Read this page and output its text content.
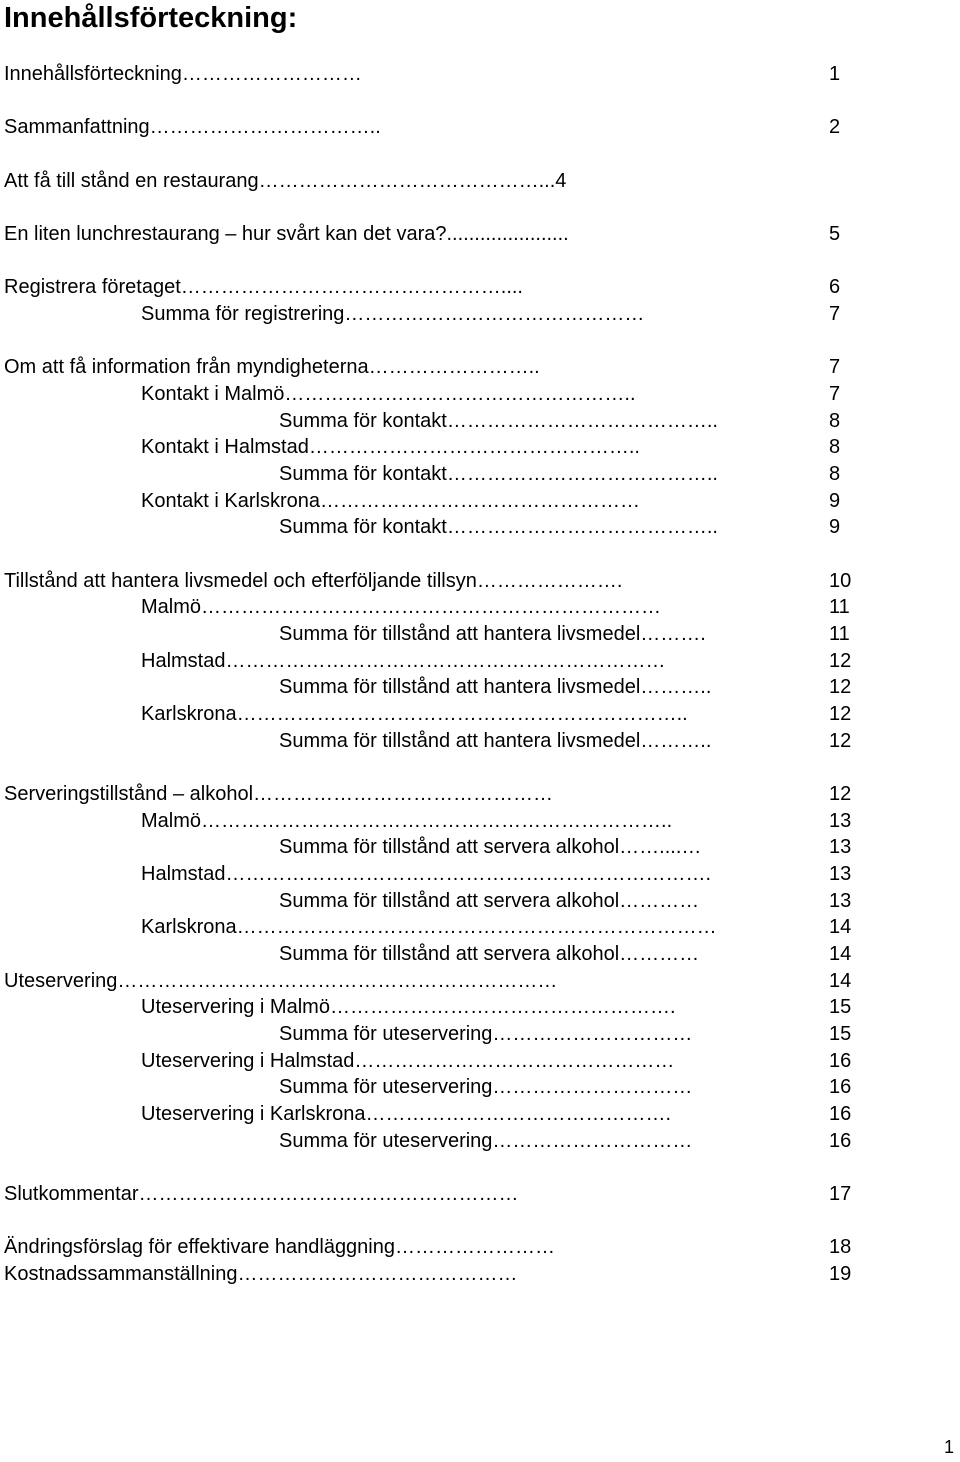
Innehållsförteckning:
Innehållsförteckning………………………	1
Sammanfattning……………………………..	2
Att få till stånd en restaurang……………………………………...4
En liten lunchrestaurang – hur svårt kan det vara?......................	5
Registrera företaget…………………………………………....	6
Summa för registrering………………………………………	7
Om att få information från myndigheterna……………………..	7
Kontakt i Malmö……………………………………………..	7
Summa för kontakt…………………………………..	8
Kontakt i Halmstad…………………………………………..	8
Summa för kontakt…………………………………..	8
Kontakt i Karlskrona…………………………………………	9
Summa för kontakt…………………………………..	9
Tillstånd att hantera livsmedel och efterföljande tillsyn………………….	10
Malmö……………………………………………………………	11
Summa för tillstånd att hantera livsmedel……….	11
Halmstad…………………………………………………………	12
Summa för tillstånd att hantera livsmedel………..	12
Karlskrona…………………………………………………………..	12
Summa för tillstånd att hantera livsmedel………..	12
Serveringstillstånd – alkohol………………………………………	12
Malmö……………………………………………………………..	13
Summa för tillstånd att servera alkohol……....…	13
Halmstad……………………………………………………………….	13
Summa för tillstånd att servera alkohol…………	13
Karlskrona………………………………………………………………	14
Summa för tillstånd att servera alkohol…………	14
Uteservering…………………………………………………………	14
Uteservering i Malmö…………………………………………….	15
Summa för uteservering…………………………	15
Uteservering i Halmstad…………………………………………	16
Summa för uteservering…………………………	16
Uteservering i Karlskrona……………………………………….	16
Summa för uteservering…………………………	16
Slutkommentar…………………………………………………	17
Ändringsförslag för effektivare handläggning……………………	18
Kostnadssammanställning……………………………………	19
1
